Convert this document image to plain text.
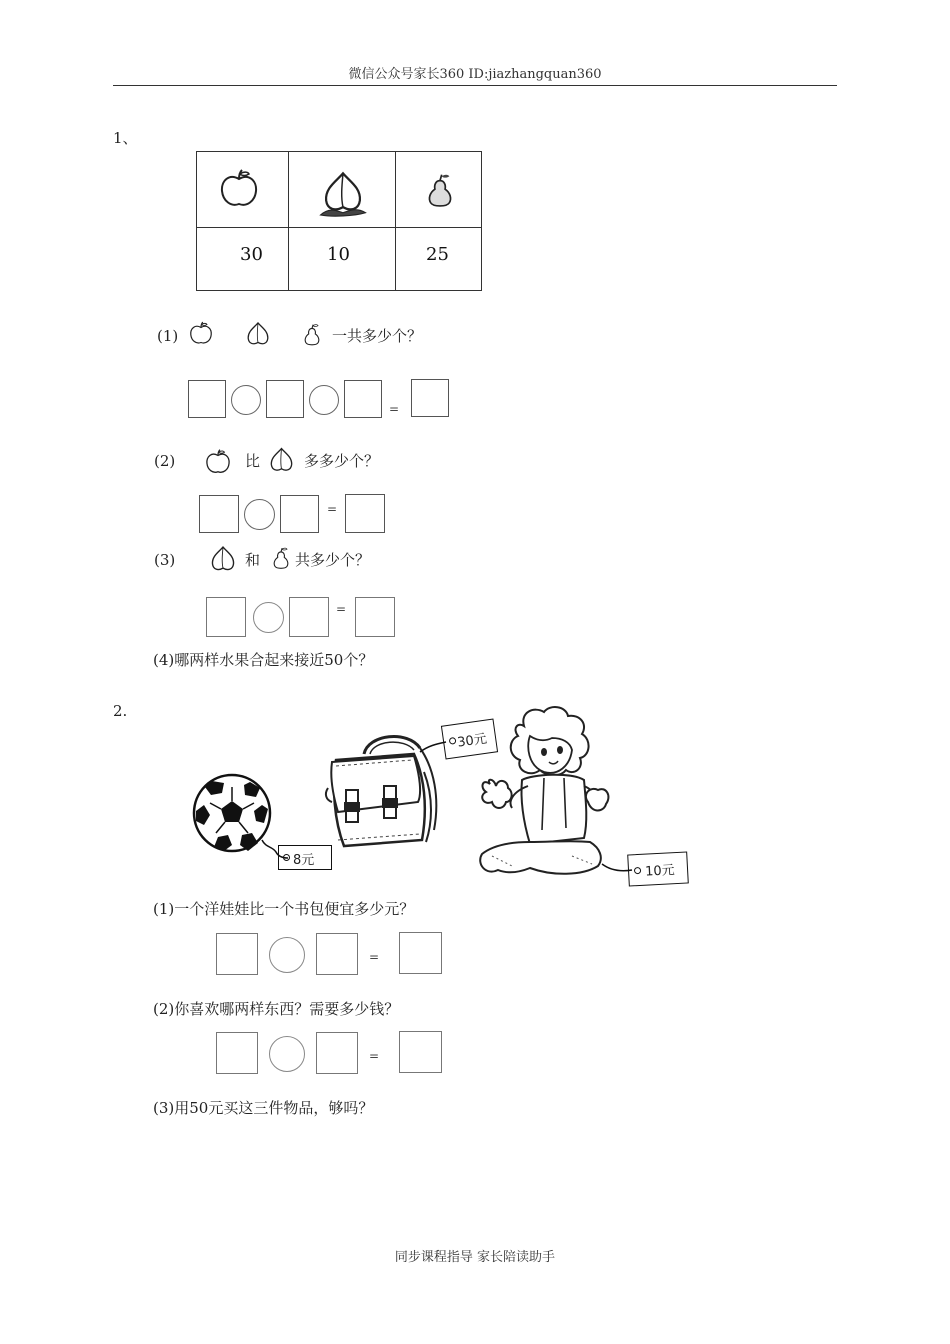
微信公众号家长360 ID:jiazhangquan360
1、
30	10	25
(1)	一共多少个？
=
(2)	比	多多少个？
=
(3)	和 共多少个？
=
(4)哪两样水果合起来接近50个？
2.
8元
30元
10元
(1)一个洋娃娃比一个书包便宜多少元？
=
(2)你喜欢哪两样东西？需要多少钱？
=
(3)用50元买这三件物品，够吗？
同步课程指导 家长陪读助手
